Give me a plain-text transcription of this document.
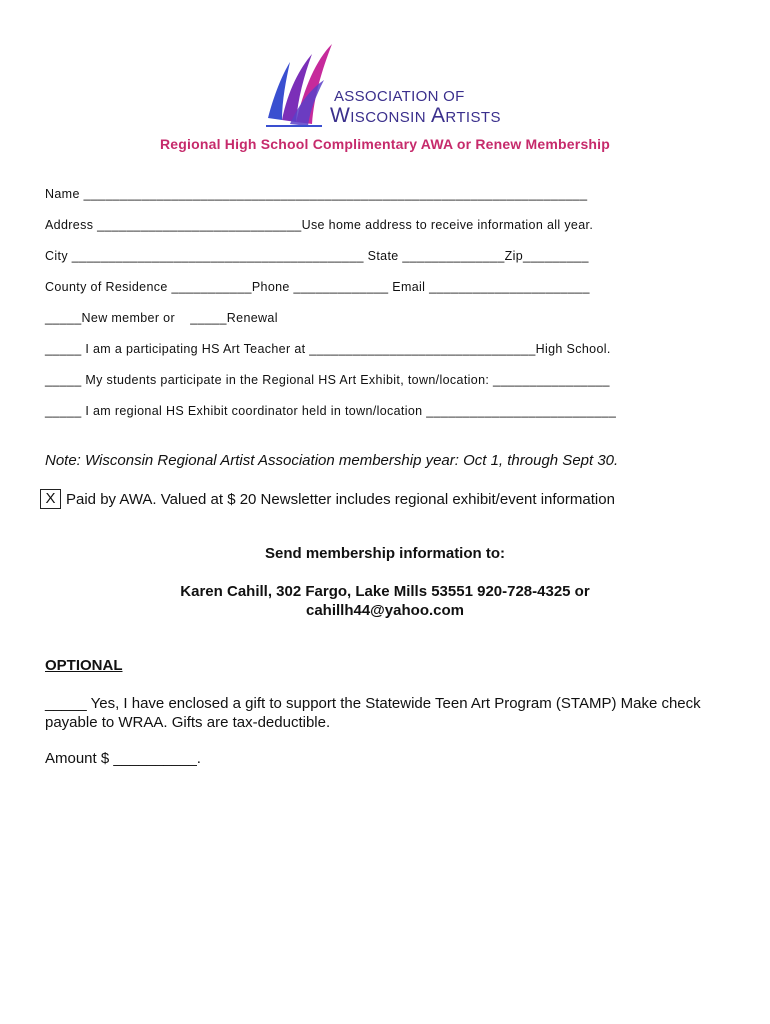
ASSOCIATION OF
Wisconsin Artists
Regional High School Complimentary AWA or Renew Membership
Name _____________________________________________________________________
Address ____________________________Use home address to receive information all year.
City ________________________________________ State ______________Zip_________
County of Residence ___________Phone _____________ Email ______________________
_____New member or    _____Renewal
_____ I am a participating HS Art Teacher at _______________________________High School.
_____ My students participate in the Regional HS Art Exhibit, town/location: ________________
_____ I am regional HS Exhibit coordinator held in town/location __________________________
Note: Wisconsin Regional Artist Association membership year: Oct 1, through Sept 30.
X Paid by AWA. Valued at $ 20 Newsletter includes regional exhibit/event information
Send membership information to:
Karen Cahill, 302 Fargo, Lake Mills 53551 920-728-4325 or
cahillh44@yahoo.com
OPTIONAL
_____ Yes, I have enclosed a gift to support the Statewide Teen Art Program (STAMP) Make check payable to WRAA. Gifts are tax-deductible.
Amount $ __________.
